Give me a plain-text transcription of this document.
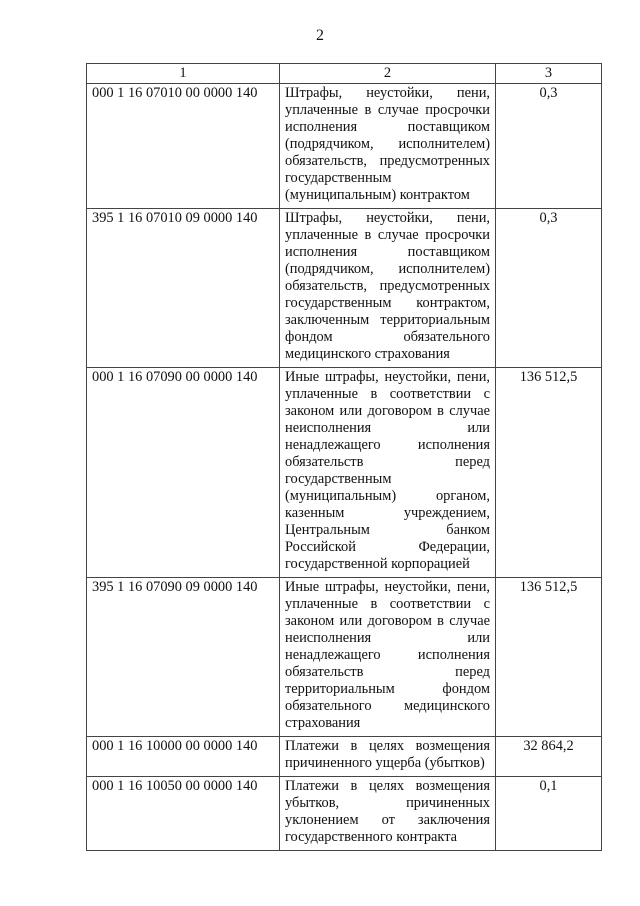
2
1	2	3
000 1 16 07010 00 0000 140	Штрафы, неустойки, пени, уплаченные в случае просрочки исполнения поставщиком (подрядчиком, исполнителем) обязательств, предусмотренных государственным (муниципальным) контрактом	0,3
395 1 16 07010 09 0000 140	Штрафы, неустойки, пени, уплаченные в случае просрочки исполнения поставщиком (подрядчиком, исполнителем) обязательств, предусмотренных государственным контрактом, заключенным территориальным фондом обязательного медицинского страхования	0,3
000 1 16 07090 00 0000 140	Иные штрафы, неустойки, пени, уплаченные в соответствии с законом или договором в случае неисполнения или ненадлежащего исполнения обязательств перед государственным (муниципальным) органом, казенным учреждением, Центральным банком Российской Федерации, государственной корпорацией	136 512,5
395 1 16 07090 09 0000 140	Иные штрафы, неустойки, пени, уплаченные в соответствии с законом или договором в случае неисполнения или ненадлежащего исполнения обязательств перед территориальным фондом обязательного медицинского страхования	136 512,5
000 1 16 10000 00 0000 140	Платежи в целях возмещения причиненного ущерба (убытков)	32 864,2
000 1 16 10050 00 0000 140	Платежи в целях возмещения убытков, причиненных уклонением от заключения государственного контракта	0,1
